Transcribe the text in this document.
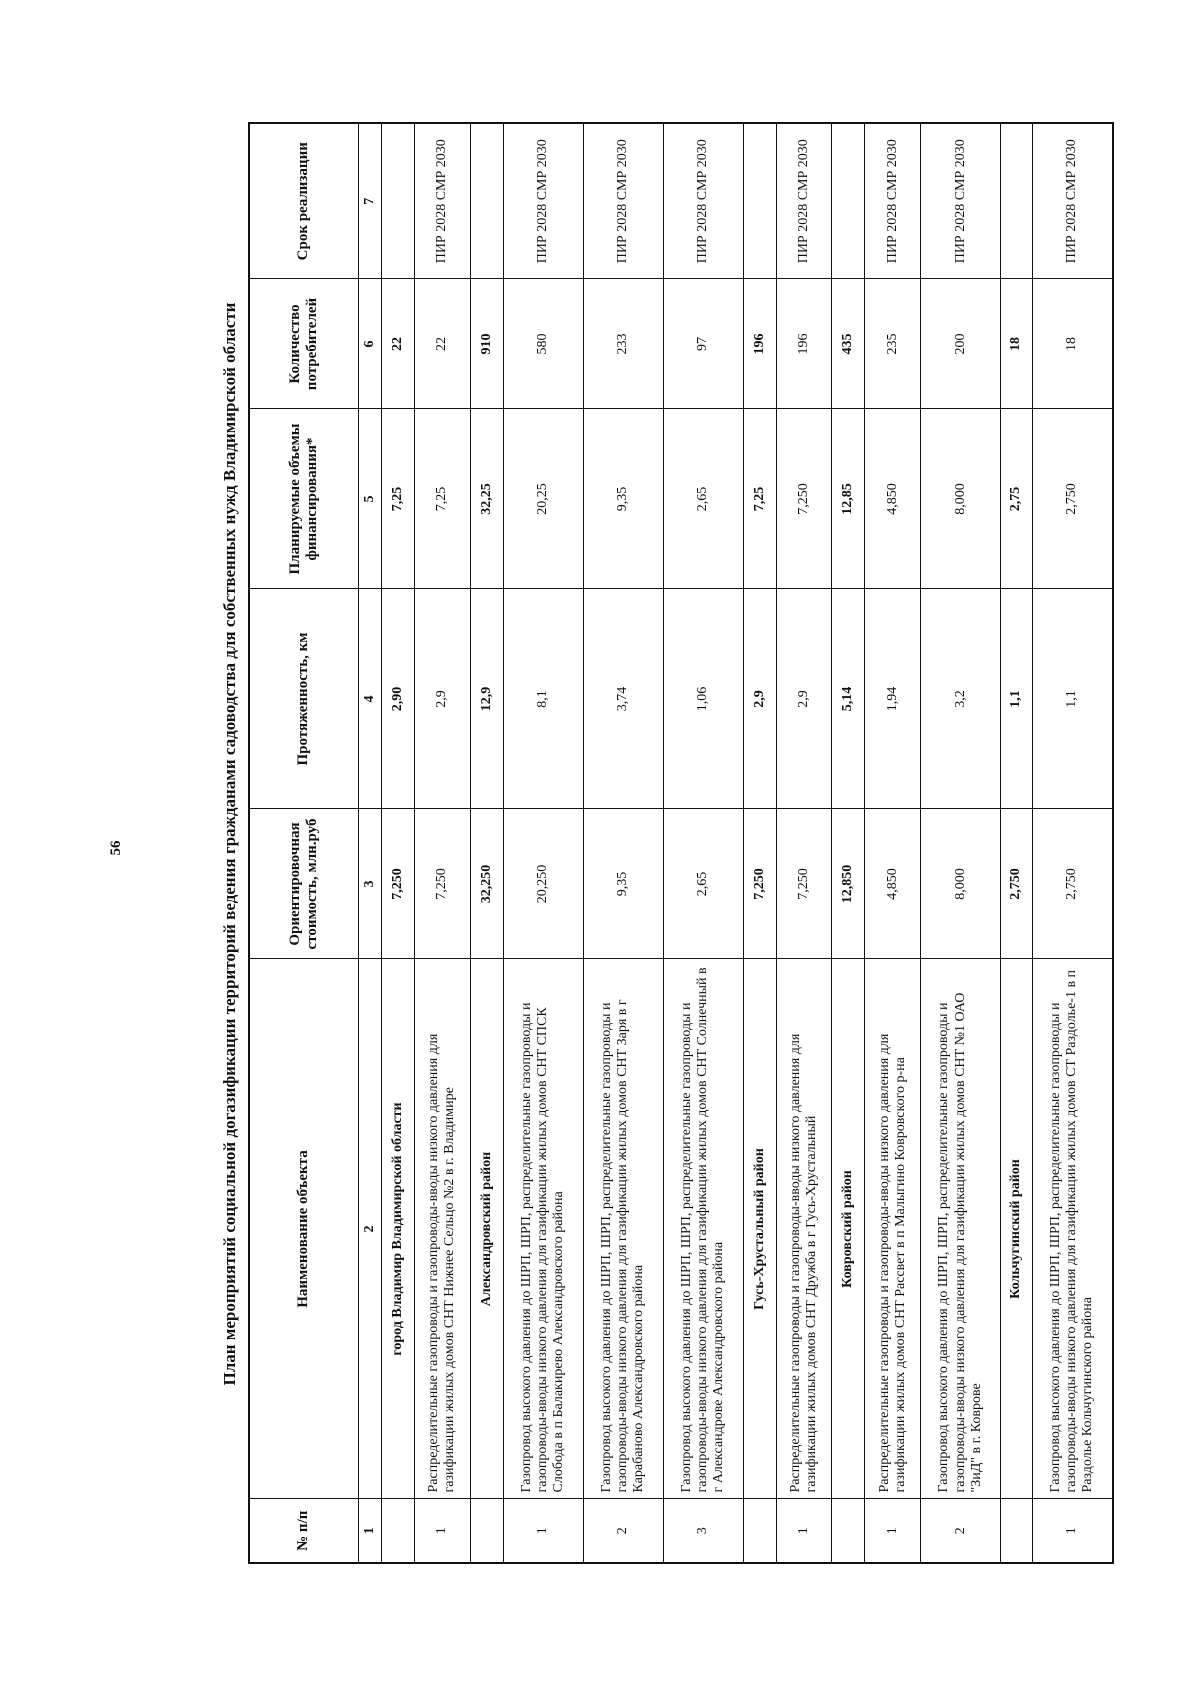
56	План мероприятий социальной догазификации территорий ведения гражданами садоводства для собственных нужд Владимирской области
№ п/п	Наименование объекта	Ориентировочная стоимость, млн.руб	Протяженность, км	Планируемые объемы финансирования*	Количество потребителей	Срок реализации
1	2	3	4	5	6	7
	город Владимир Владимирской области	7,250	2,90	7,25	22	
1	Распределительные газопроводы и газопроводы-вводы низкого давления для газификации жилых домов СНТ Нижнее Сельцо №2 в г. Владимире	7,250	2,9	7,25	22	ПИР 2028 СМР 2030
	Александровский район	32,250	12,9	32,25	910	
1	Газопровод высокого давления до ШРП, ШРП, распределительные газопроводы и газопроводы-вводы низкого давления для газификации жилых домов СНТ СПСК Слобода в п Балакирево Александровского района	20,250	8,1	20,25	580	ПИР 2028 СМР 2030
2	Газопровод высокого давления до ШРП, ШРП, распределительные газопроводы и газопроводы-вводы низкого давления для газификации жилых домов СНТ Заря в г Карабаново Александровского района	9,35	3,74	9,35	233	ПИР 2028 СМР 2030
3	Газопровод высокого давления до ШРП, ШРП, распределительные газопроводы и газопроводы-вводы низкого давления для газификации жилых домов СНТ Солнечный в г Александрове Александровского района	2,65	1,06	2,65	97	ПИР 2028 СМР 2030
	Гусь-Хрустальный район	7,250	2,9	7,25	196	
1	Распределительные газопроводы и газопроводы-вводы низкого давления для газификации жилых домов СНТ Дружба в г Гусь-Хрустальный	7,250	2,9	7,250	196	ПИР 2028 СМР 2030
	Ковровский район	12,850	5,14	12,85	435	
1	Распределительные газопроводы и газопроводы-вводы низкого давления для газификации жилых домов СНТ Рассвет в п Малыгино Ковровского р-на	4,850	1,94	4,850	235	ПИР 2028 СМР 2030
2	Газопровод высокого давления до ШРП, ШРП, распределительные газопроводы и газопроводы-вводы низкого давления для газификации жилых домов СНТ №1 ОАО "ЗиД" в г. Коврове	8,000	3,2	8,000	200	ПИР 2028 СМР 2030
	Кольчугинский район	2,750	1,1	2,75	18	
1	Газопровод высокого давления до ШРП, ШРП, распределительные газопроводы и газопроводы-вводы низкого давления для газификации жилых домов СТ Раздолье-1 в п Раздолье Кольчугинского района	2,750	1,1	2,750	18	ПИР 2028 СМР 2030
